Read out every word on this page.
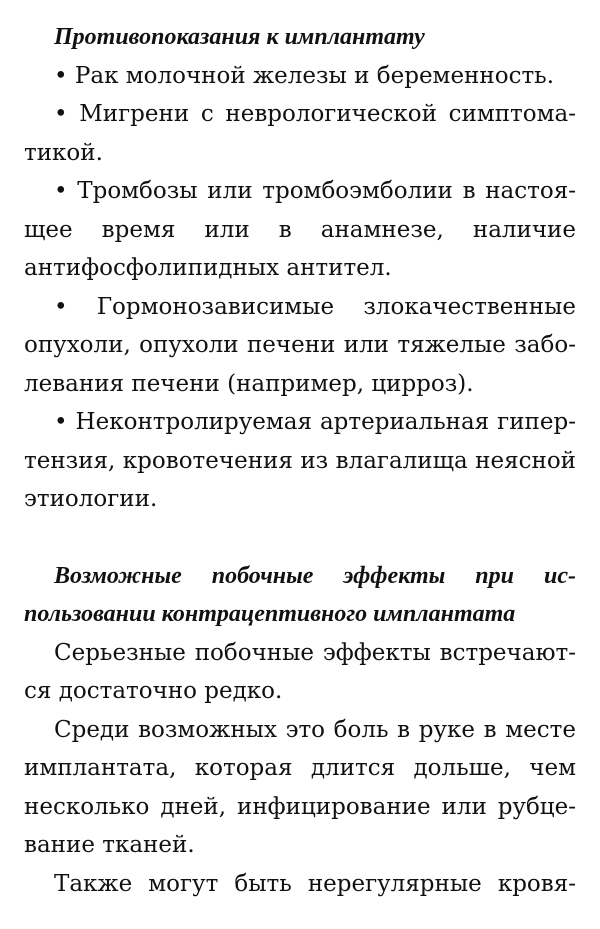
Противопоказания к имплантату

• Рак молочной железы и беременность.

• Мигрени с неврологической симптоматикой.

• Тромбозы или тромбоэмболии в настоящее время или в анамнезе, наличие антифосфолипидных антител.

• Гормонозависимые злокачественные опухоли, опухоли печени или тяжелые заболевания печени (например, цирроз).

• Неконтролируемая артериальная гипертензия, кровотечения из влагалища неясной этиологии.

Возможные побочные эффекты при использовании контрацептивного имплантата

Серьезные побочные эффекты встречаются достаточно редко.

Среди возможных это боль в руке в месте имплантата, которая длится дольше, чем несколько дней, инфицирование или рубцевание тканей.

Также могут быть нерегулярные кровя-
